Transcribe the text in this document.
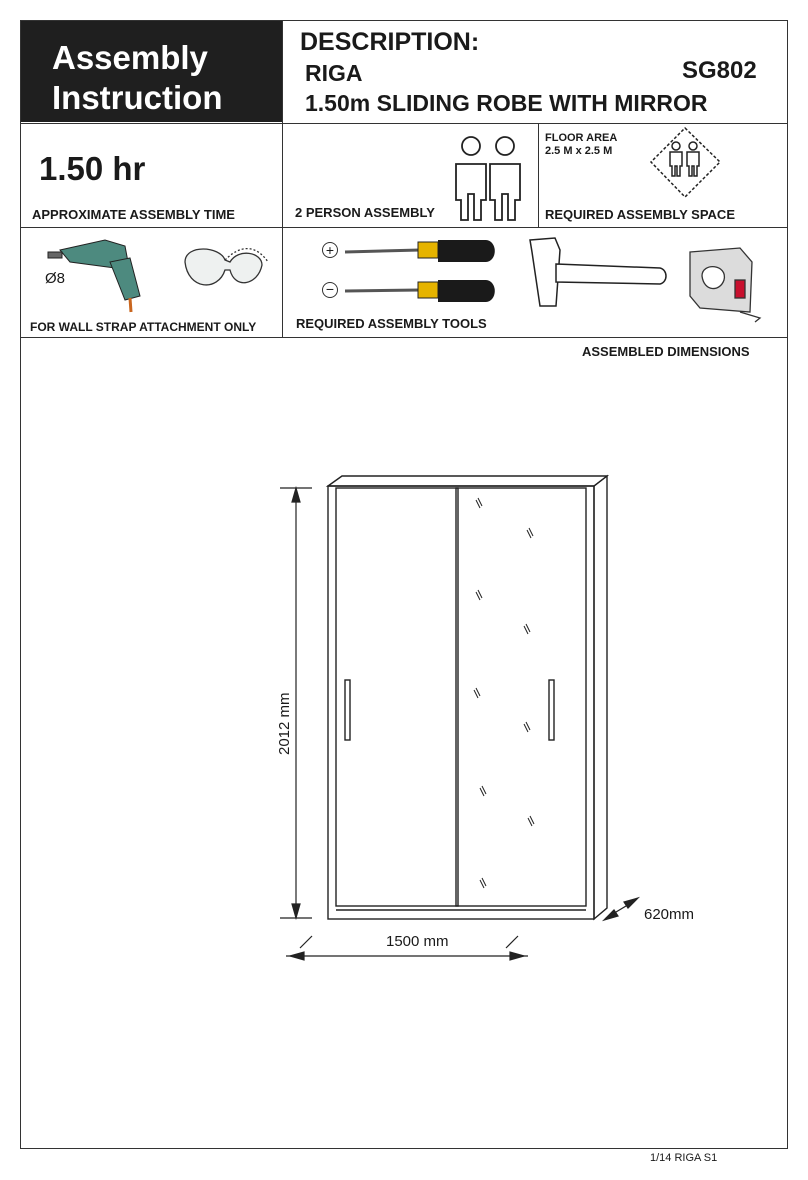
Assembly
Instruction
DESCRIPTION:
RIGA	SG802
1.50m SLIDING ROBE WITH MIRROR
1.50 hr
APPROXIMATE ASSEMBLY TIME	2 PERSON ASSEMBLY
FLOOR AREA
2.5 M x 2.5 M
REQUIRED ASSEMBLY SPACE
Ø8
FOR WALL STRAP ATTACHMENT ONLY	REQUIRED ASSEMBLY TOOLS
+
−
ASSEMBLED DIMENSIONS
2012 mm
1500 mm
620mm
1/14 RIGA S1
